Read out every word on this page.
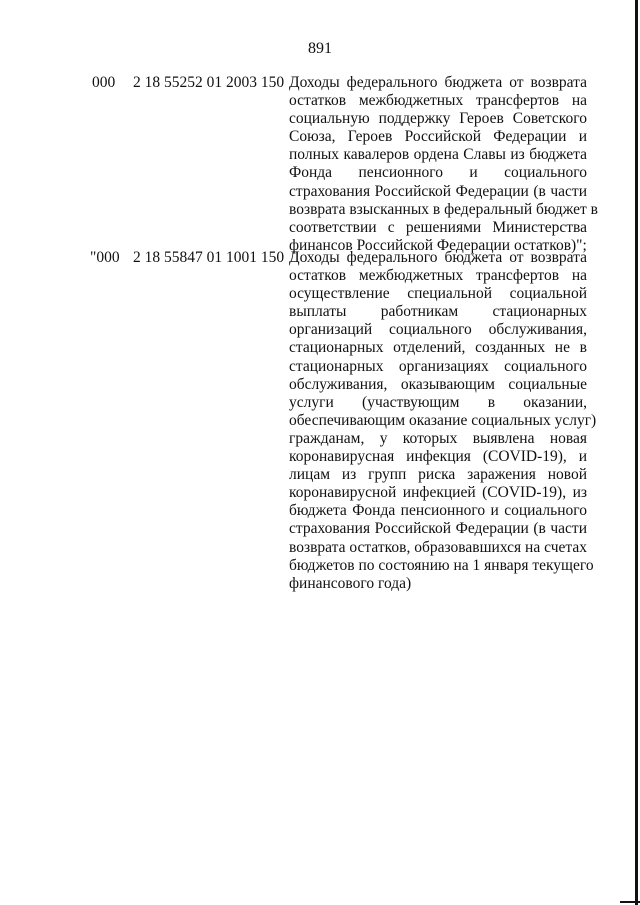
891
000 2 18 55252 01 2003 150 Доходы федерального бюджета от возврата
остатков межбюджетных трансфертов на
социальную поддержку Героев Советского
Союза, Героев Российской Федерации и
полных кавалеров ордена Славы из бюджета
Фонда пенсионного и социального
страхования Российской Федерации (в части
возврата взысканных в федеральный бюджет в
соответствии с решениями Министерства
финансов Российской Федерации остатков)";
"000 2 18 55847 01 1001 150 Доходы федерального бюджета от возврата
остатков межбюджетных трансфертов на
осуществление специальной социальной
выплаты работникам стационарных
организаций социального обслуживания,
стационарных отделений, созданных не в
стационарных организациях социального
обслуживания, оказывающим социальные
услуги (участвующим в оказании,
обеспечивающим оказание социальных услуг)
гражданам, у которых выявлена новая
коронавирусная инфекция (COVID-19), и
лицам из групп риска заражения новой
коронавирусной инфекцией (COVID-19), из
бюджета Фонда пенсионного и социального
страхования Российской Федерации (в части
возврата остатков, образовавшихся на счетах
бюджетов по состоянию на 1 января текущего
финансового года)
